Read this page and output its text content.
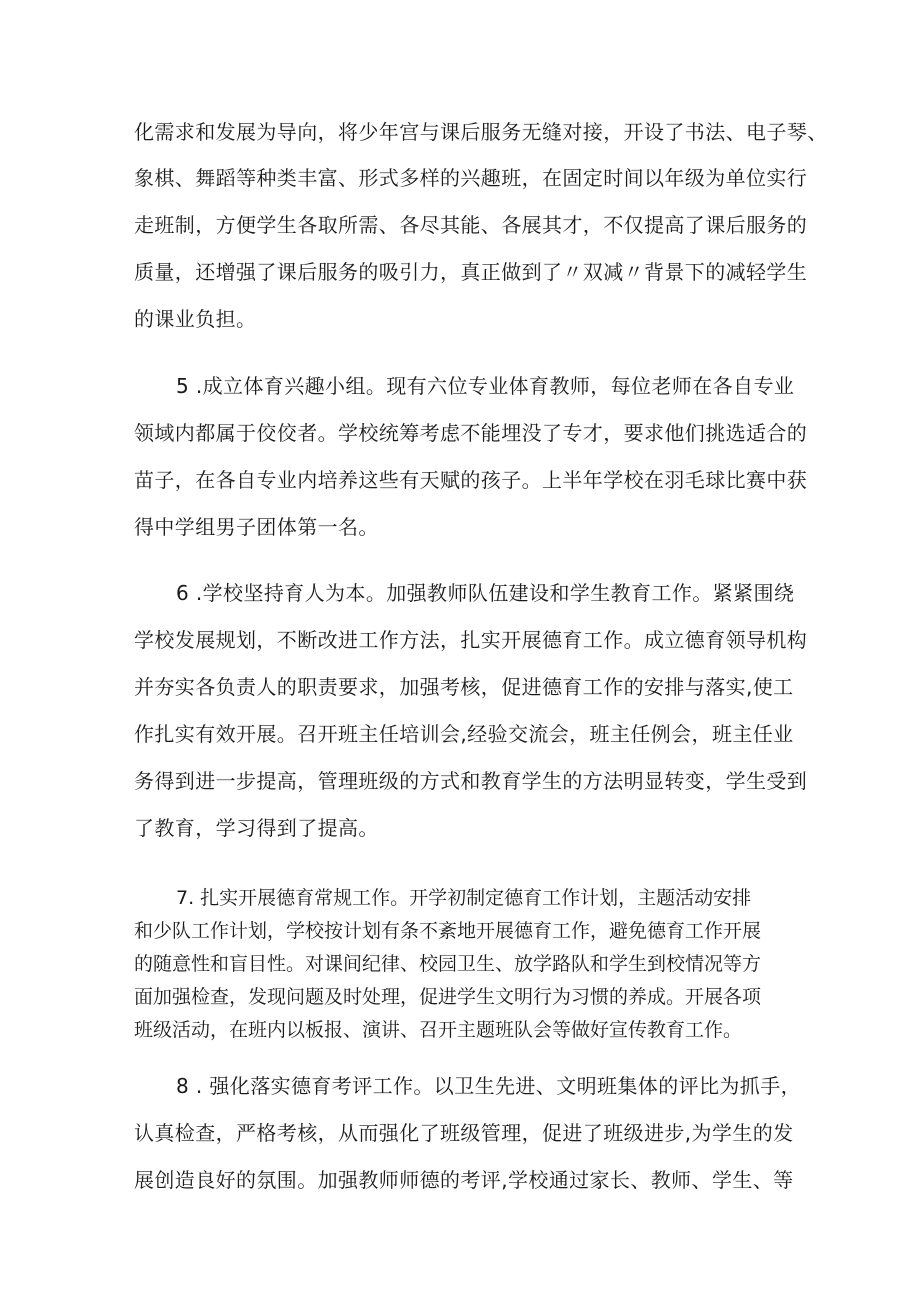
化需求和发展为导向，将少年宫与课后服务无缝对接，开设了书法、电子琴、
象棋、舞蹈等种类丰富、形式多样的兴趣班，在固定时间以年级为单位实行
走班制，方便学生各取所需、各尽其能、各展其才，不仅提高了课后服务的
质量，还增强了课后服务的吸引力，真正做到了〃双减〃背景下的减轻学生
的课业负担。
5 .成立体育兴趣小组。现有六位专业体育教师，每位老师在各自专业
领域内都属于佼佼者。学校统筹考虑不能埋没了专才，要求他们挑选适合的
苗子，在各自专业内培养这些有天赋的孩子。上半年学校在羽毛球比赛中获
得中学组男子团体第一名。
6 .学校坚持育人为本。加强教师队伍建设和学生教育工作。紧紧围绕
学校发展规划，不断改进工作方法，扎实开展德育工作。成立德育领导机构
并夯实各负责人的职责要求，加强考核，促进德育工作的安排与落实,使工
作扎实有效开展。召开班主任培训会,经验交流会，班主任例会，班主任业
务得到进一步提高，管理班级的方式和教育学生的方法明显转变，学生受到
了教育，学习得到了提高。
7. 扎实开展德育常规工作。开学初制定德育工作计划，主题活动安排
和少队工作计划，学校按计划有条不紊地开展德育工作，避免德育工作开展
的随意性和盲目性。对课间纪律、校园卫生、放学路队和学生到校情况等方
面加强检查，发现问题及时处理，促进学生文明行为习惯的养成。开展各项
班级活动，在班内以板报、演讲、召开主题班队会等做好宣传教育工作。
8 . 强化落实德育考评工作。以卫生先进、文明班集体的评比为抓手，
认真检查，严格考核，从而强化了班级管理，促进了班级进步,为学生的发
展创造良好的氛围。加强教师师德的考评,学校通过家长、教师、学生、等
